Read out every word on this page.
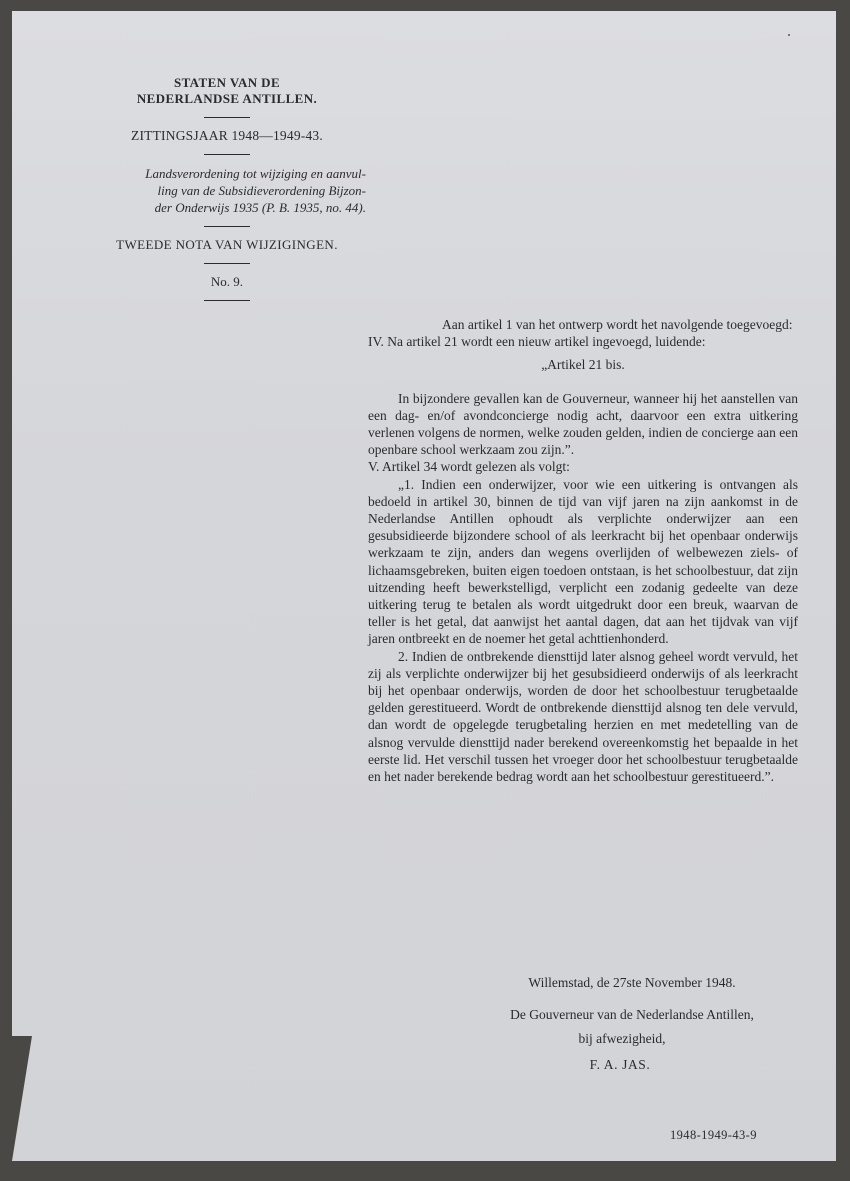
STATEN VAN DE
NEDERLANDSE ANTILLEN.
ZITTINGSJAAR 1948—1949-43.
Landsverordening tot wijziging en aanvul-
ling van de Subsidieverordening Bijzon-
der Onderwijs 1935 (P. B. 1935, no. 44).
TWEEDE NOTA VAN WIJZIGINGEN.
No. 9.

Aan artikel 1 van het ontwerp wordt het navolgende toegevoegd:

IV. Na artikel 21 wordt een nieuw artikel ingevoegd, luidende:

„Artikel 21 bis.

In bijzondere gevallen kan de Gouverneur, wanneer hij het aanstellen van een dag- en/of avondconcierge nodig acht, daarvoor een extra uitkering verlenen volgens de normen, welke zouden gelden, indien de concierge aan een openbare school werkzaam zou zijn.”.

V. Artikel 34 wordt gelezen als volgt:

„1. Indien een onderwijzer, voor wie een uitkering is ontvangen als bedoeld in artikel 30, binnen de tijd van vijf jaren na zijn aankomst in de Nederlandse Antillen ophoudt als verplichte onderwijzer aan een gesubsidieerde bijzondere school of als leerkracht bij het openbaar onderwijs werkzaam te zijn, anders dan wegens overlijden of welbewezen ziels- of lichaamsgebreken, buiten eigen toedoen ontstaan, is het schoolbestuur, dat zijn uitzending heeft bewerkstelligd, verplicht een zodanig gedeelte van deze uitkering terug te betalen als wordt uitgedrukt door een breuk, waarvan de teller is het getal, dat aanwijst het aantal dagen, dat aan het tijdvak van vijf jaren ontbreekt en de noemer het getal achttienhonderd.

2. Indien de ontbrekende diensttijd later alsnog geheel wordt vervuld, het zij als verplichte onderwijzer bij het gesubsidieerd onderwijs of als leerkracht bij het openbaar onderwijs, worden de door het schoolbestuur terugbetaalde gelden gerestitueerd. Wordt de ontbrekende diensttijd alsnog ten dele vervuld, dan wordt de opgelegde terugbetaling herzien en met medetelling van de alsnog vervulde diensttijd nader berekend overeenkomstig het bepaalde in het eerste lid. Het verschil tussen het vroeger door het schoolbestuur terugbetaalde en het nader berekende bedrag wordt aan het schoolbestuur gerestitueerd.”.

Willemstad, de 27ste November 1948.
De Gouverneur van de Nederlandse Antillen,
bij afwezigheid,
F. A. JAS.
1948-1949-43-9
